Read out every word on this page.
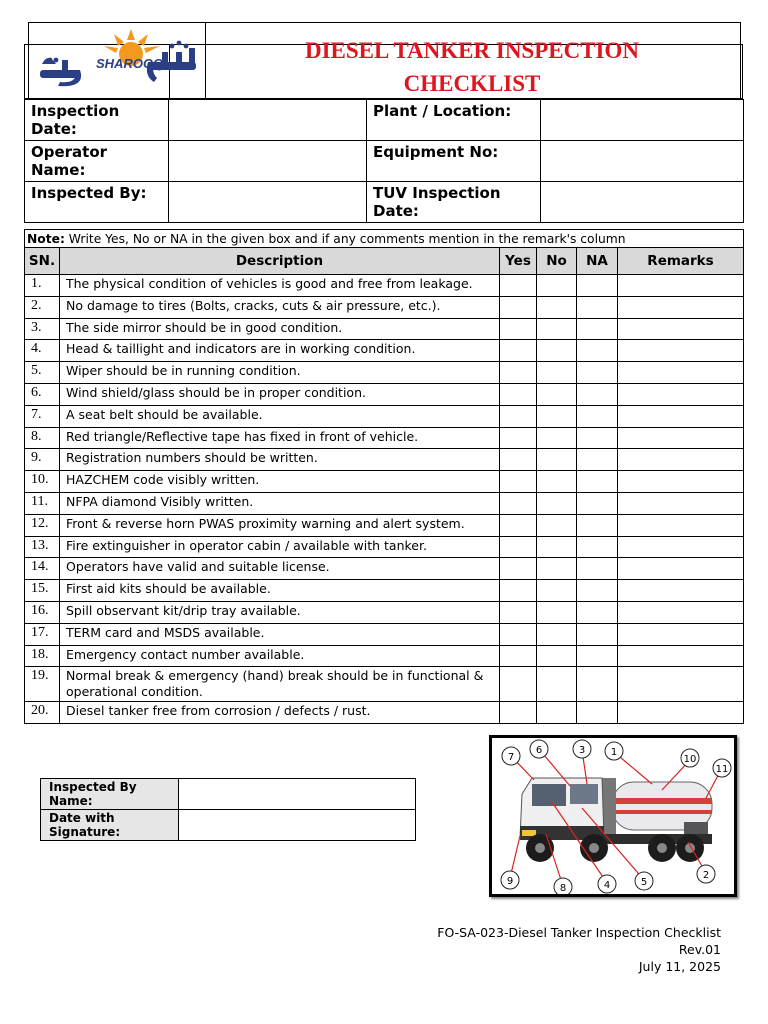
SHAROOQ
DIESEL TANKER INSPECTION
CHECKLIST
Inspection Date:		Plant / Location:	
Operator Name:		Equipment No:	
Inspected By:		TUV Inspection Date:	
Note: Write Yes, No or NA in the given box and if any comments mention in the remark's column					
SN.	Description	Yes	No	NA	Remarks
1.	The physical condition of vehicles is good and free from leakage.				
2.	No damage to tires (Bolts, cracks, cuts & air pressure, etc.).				
3.	The side mirror should be in good condition.				
4.	Head & taillight and indicators are in working condition.				
5.	Wiper should be in running condition.				
6.	Wind shield/glass should be in proper condition.				
7.	A seat belt should be available.				
8.	Red triangle/Reflective tape has fixed in front of vehicle.				
9.	Registration numbers should be written.				
10.	HAZCHEM code visibly written.				
11.	NFPA diamond Visibly written.				
12.	Front & reverse horn PWAS proximity warning and alert system.				
13.	Fire extinguisher in operator cabin / available with tanker.				
14.	Operators have valid and suitable license.				
15.	First aid kits should be available.				
16.	Spill observant kit/drip tray available.				
17.	TERM card and MSDS available.				
18.	Emergency contact number available.				
19.	Normal break & emergency (hand) break should be in functional & operational condition.				
20.	Diesel tanker free from corrosion / defects / rust.				
Inspected By Name:	
Date with Signature:	
7
6	3	1
10
11
9
8	4	5
2
FO-SA-023-Diesel Tanker Inspection Checklist
Rev.01
July 11, 2025
